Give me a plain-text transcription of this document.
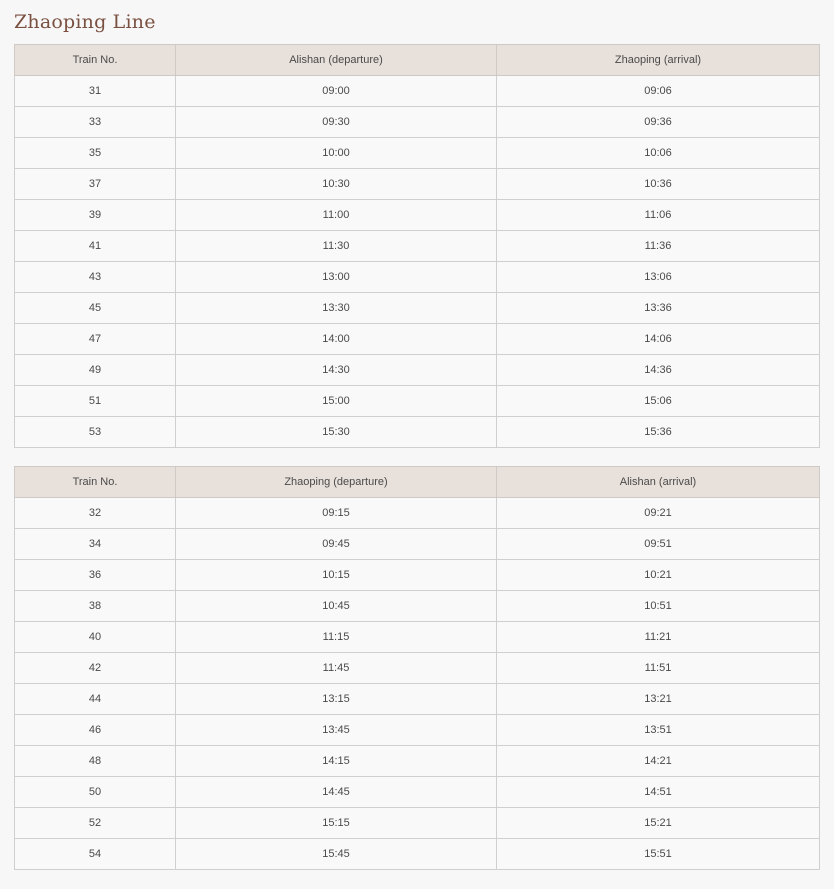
Zhaoping Line
Train No.	Alishan (departure)	Zhaoping (arrival)
31	09:00	09:06
33	09:30	09:36
35	10:00	10:06
37	10:30	10:36
39	11:00	11:06
41	11:30	11:36
43	13:00	13:06
45	13:30	13:36
47	14:00	14:06
49	14:30	14:36
51	15:00	15:06
53	15:30	15:36
Train No.	Zhaoping (departure)	Alishan (arrival)
32	09:15	09:21
34	09:45	09:51
36	10:15	10:21
38	10:45	10:51
40	11:15	11:21
42	11:45	11:51
44	13:15	13:21
46	13:45	13:51
48	14:15	14:21
50	14:45	14:51
52	15:15	15:21
54	15:45	15:51
